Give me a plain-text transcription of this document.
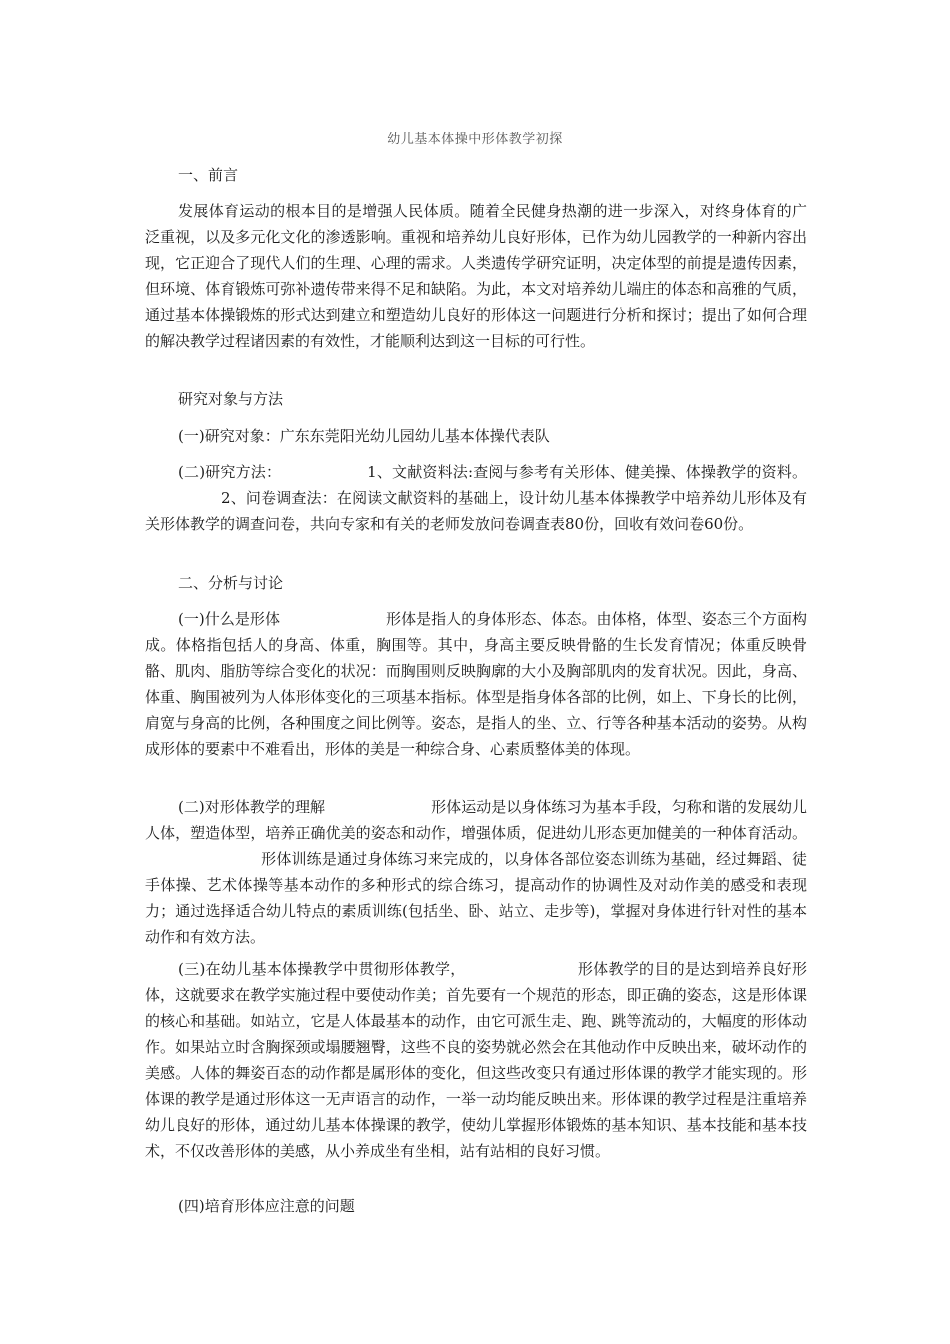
幼儿基本体操中形体教学初探
一、前言
发展体育运动的根本目的是增强人民体质。随着全民健身热潮的进一步深入，对终身体育的广泛重视，以及多元化文化的渗透影响。重视和培养幼儿良好形体，已作为幼儿园教学的一种新内容出现，它正迎合了现代人们的生理、心理的需求。人类遗传学研究证明，决定体型的前提是遗传因素，但环境、体育锻炼可弥补遗传带来得不足和缺陷。为此，本文对培养幼儿端庄的体态和高雅的气质，通过基本体操锻炼的形式达到建立和塑造幼儿良好的形体这一问题进行分析和探讨；提出了如何合理的解决教学过程诸因素的有效性，才能顺利达到这一目标的可行性。
研究对象与方法
(一)研究对象：广东东莞阳光幼儿园幼儿基本体操代表队
(二)研究方法：	1、文献资料法:查阅与参考有关形体、健美操、体操教学的资料。2、问卷调查法：在阅读文献资料的基础上，设计幼儿基本体操教学中培养幼儿形体及有关形体教学的调查问卷，共向专家和有关的老师发放问卷调查表80份，回收有效问卷60份。
二、分析与讨论
(一)什么是形体	形体是指人的身体形态、体态。由体格，体型、姿态三个方面构成。体格指包括人的身高、体重，胸围等。其中，身高主要反映骨骼的生长发育情况；体重反映骨骼、肌肉、脂肪等综合变化的状况：而胸围则反映胸廓的大小及胸部肌肉的发育状况。因此，身高、体重、胸围被列为人体形体变化的三项基本指标。体型是指身体各部的比例，如上、下身长的比例，肩宽与身高的比例，各种围度之间比例等。姿态，是指人的坐、立、行等各种基本活动的姿势。从构成形体的要素中不难看出，形体的美是一种综合身、心素质整体美的体现。
(二)对形体教学的理解	形体运动是以身体练习为基本手段，匀称和谐的发展幼儿人体，塑造体型，培养正确优美的姿态和动作，增强体质，促进幼儿形态更加健美的一种体育活动。形体训练是通过身体练习来完成的，以身体各部位姿态训练为基础，经过舞蹈、徒手体操、艺术体操等基本动作的多种形式的综合练习，提高动作的协调性及对动作美的感受和表现力；通过选择适合幼儿特点的素质训练(包括坐、卧、站立、走步等)，掌握对身体进行针对性的基本动作和有效方法。
(三)在幼儿基本体操教学中贯彻形体教学，	形体教学的目的是达到培养良好形体，这就要求在教学实施过程中要使动作美；首先要有一个规范的形态，即正确的姿态，这是形体课的核心和基础。如站立，它是人体最基本的动作，由它可派生走、跑、跳等流动的，大幅度的形体动作。如果站立时含胸探颈或塌腰翘臀，这些不良的姿势就必然会在其他动作中反映出来，破坏动作的美感。人体的舞姿百态的动作都是属形体的变化，但这些改变只有通过形体课的教学才能实现的。形体课的教学是通过形体这一无声语言的动作，一举一动均能反映出来。形体课的教学过程是注重培养幼儿良好的形体，通过幼儿基本体操课的教学，使幼儿掌握形体锻炼的基本知识、基本技能和基本技术，不仅改善形体的美感，从小养成坐有坐相，站有站相的良好习惯。
(四)培育形体应注意的问题
